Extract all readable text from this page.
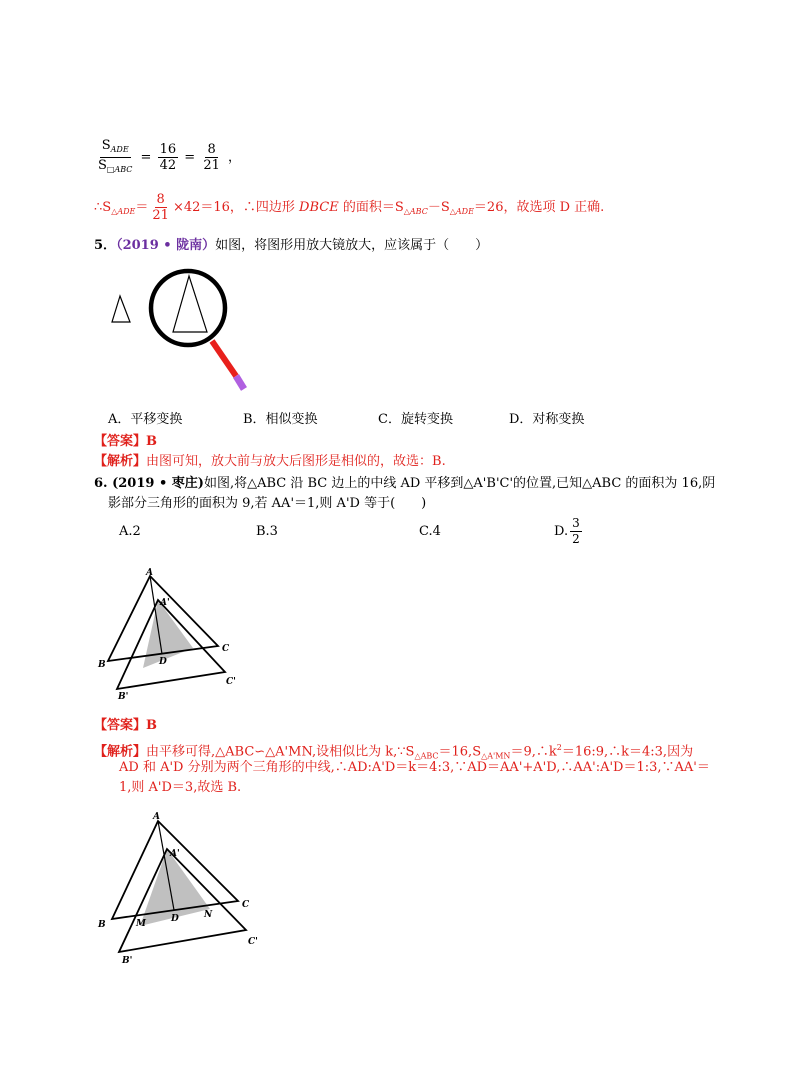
$\frac{S_{ADE}}{S_{□ABC}} = \frac{16}{42} = \frac{8}{21}$ ，
$\therefore S_{\triangle ADE}= \frac{8}{21} \times 42=16$，∴四边形 DBCE 的面积$=S_{\triangle ABC}-S_{\triangle ADE}=26$，故选项 D 正确.
5．（2019 • 陇南）如图，将图形用放大镜放大，应该属于（　　）
A．平移变换	B．相似变换	C．旋转变换	D．对称变换
【答案】B
【解析】由图可知，放大前与放大后图形是相似的，故选：B.
6. (2019 • 枣庄)如图,将△ABC 沿 BC 边上的中线 AD 平移到△A'B'C'的位置,已知△ABC 的面积为 16,阴
影部分三角形的面积为 9,若 AA'＝1,则 A'D 等于(　　)
A.2	B.3	C.4	D. $\frac{3}{2}$
A
A'
C
B	D
B'
C'
【答案】B
【解析】由平移可得,△ABC∽△A'MN,设相似比为 $k,\because S_{\triangle ABC}=16,S_{\triangle A'MN}=9,\therefore k^2=16:9,\therefore k=4:3$,因为
AD 和 A'D 分别为两个三角形的中线,∴AD:A'D＝k＝4:3,∵AD＝AA'+A'D,∴AA':A'D＝1:3,∵AA'＝
1,则 A'D＝3,故选 B.
A
A'
C
B	M	D	N
C'
B'
